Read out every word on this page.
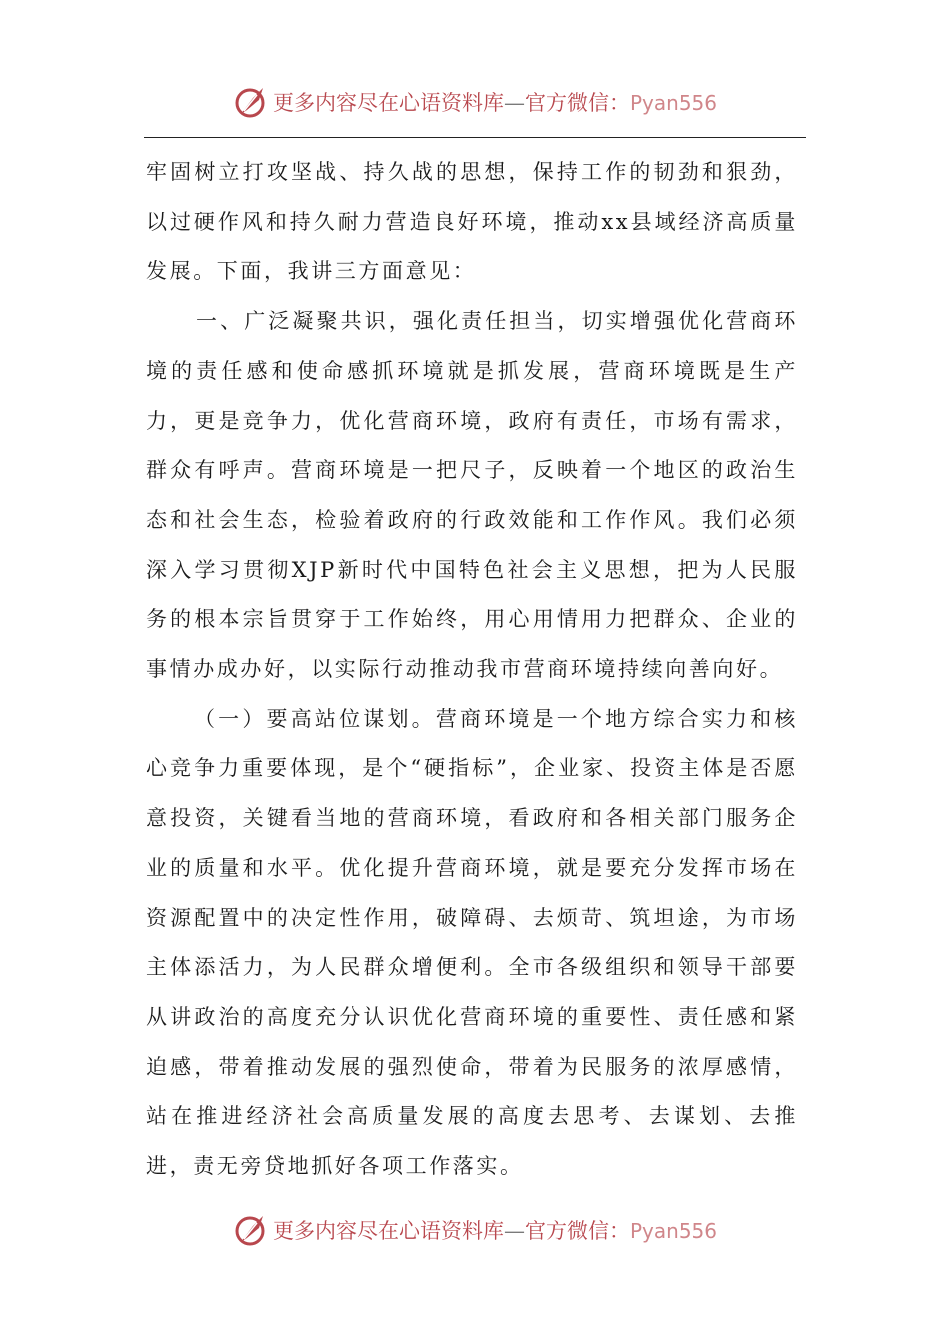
更多内容尽在心语资料库—官方微信：Pyan556

牢固树立打攻坚战、持久战的思想，保持工作的韧劲和狠劲，以过硬作风和持久耐力营造良好环境，推动xx县域经济高质量发展。下面，我讲三方面意见：

一、广泛凝聚共识，强化责任担当，切实增强优化营商环境的责任感和使命感抓环境就是抓发展，营商环境既是生产力，更是竞争力，优化营商环境，政府有责任，市场有需求，群众有呼声。营商环境是一把尺子，反映着一个地区的政治生态和社会生态，检验着政府的行政效能和工作作风。我们必须深入学习贯彻XJP新时代中国特色社会主义思想，把为人民服务的根本宗旨贯穿于工作始终，用心用情用力把群众、企业的事情办成办好，以实际行动推动我市营商环境持续向善向好。

（一）要高站位谋划。营商环境是一个地方综合实力和核心竞争力重要体现，是个“硬指标”，企业家、投资主体是否愿意投资，关键看当地的营商环境，看政府和各相关部门服务企业的质量和水平。优化提升营商环境，就是要充分发挥市场在资源配置中的决定性作用，破障碍、去烦苛、筑坦途，为市场主体添活力，为人民群众增便利。全市各级组织和领导干部要从讲政治的高度充分认识优化营商环境的重要性、责任感和紧迫感，带着推动发展的强烈使命，带着为民服务的浓厚感情，站在推进经济社会高质量发展的高度去思考、去谋划、去推进，责无旁贷地抓好各项工作落实。

更多内容尽在心语资料库—官方微信：Pyan556
